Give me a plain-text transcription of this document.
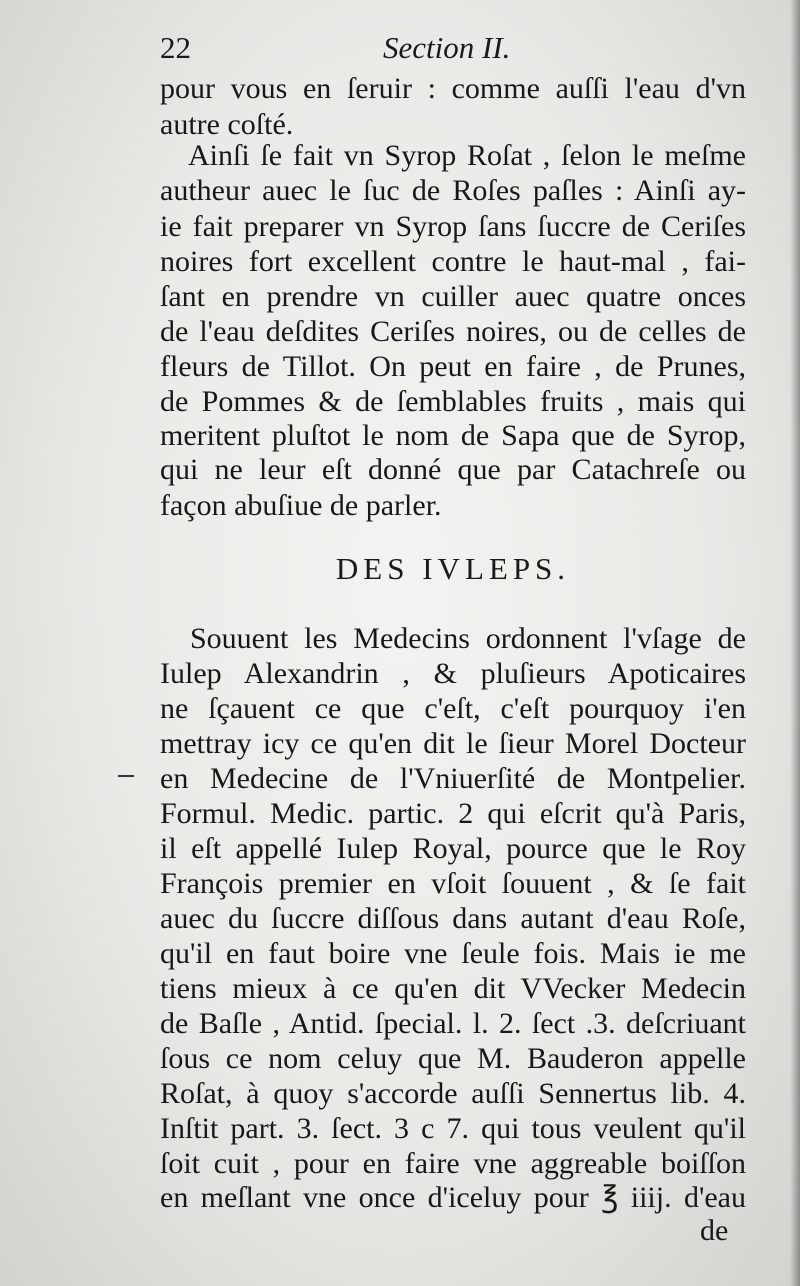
22	Section II.
pour vous en ſeruir : comme auſſi l'eau d'vn
autre coſté.
Ainſi ſe fait vn Syrop Roſat , ſelon le meſme
autheur auec le ſuc de Roſes paſles : Ainſi ay-
ie fait preparer vn Syrop ſans ſuccre de Ceriſes
noires fort excellent contre le haut-mal , fai-
ſant en prendre vn cuiller auec quatre onces
de l'eau deſdites Ceriſes noires, ou de celles de
fleurs de Tillot. On peut en faire , de Prunes,
de Pommes & de ſemblables fruits , mais qui
meritent pluſtot le nom de Sapa que de Syrop,
qui ne leur eſt donné que par Catachreſe ou
façon abuſiue de parler.
DES IVLEPS.
Souuent les Medecins ordonnent l'vſage de
Iulep Alexandrin , & pluſieurs Apoticaires
ne ſçauent ce que c'eſt, c'eſt pourquoy i'en
mettray icy ce qu'en dit le ſieur Morel Docteur
en Medecine de l'Vniuerſité de Montpelier.
Formul. Medic. partic. 2 qui eſcrit qu'à Paris,
il eſt appellé Iulep Royal, pource que le Roy
François premier en vſoit ſouuent , & ſe fait
auec du ſuccre diſſous dans autant d'eau Roſe,
qu'il en faut boire vne ſeule fois. Mais ie me
tiens mieux à ce qu'en dit VVecker Medecin
de Baſle , Antid. ſpecial. l. 2. ſect .3. deſcriuant
ſous ce nom celuy que M. Bauderon appelle
Roſat, à quoy s'accorde auſſi Sennertus lib. 4.
Inſtit part. 3. ſect. 3 c 7. qui tous veulent qu'il
ſoit cuit , pour en faire vne aggreable boiſſon
en meſlant vne once d'iceluy pour ℥ iiij. d'eau
de
